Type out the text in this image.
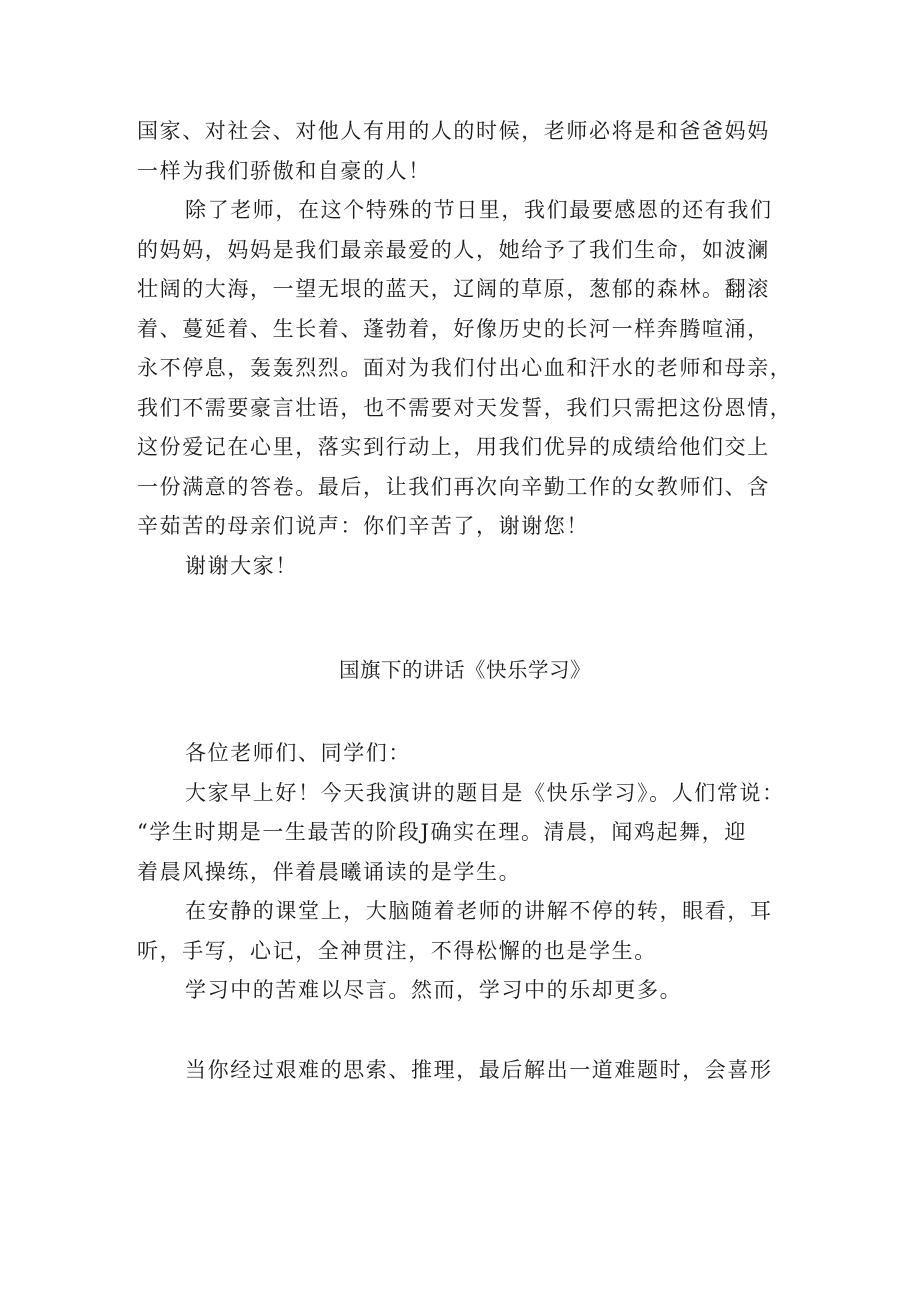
国家、对社会、对他人有用的人的时候，老师必将是和爸爸妈妈
一样为我们骄傲和自豪的人！
除了老师，在这个特殊的节日里，我们最要感恩的还有我们
的妈妈，妈妈是我们最亲最爱的人，她给予了我们生命，如波澜
壮阔的大海，一望无垠的蓝天，辽阔的草原，葱郁的森林。翻滚
着、蔓延着、生长着、蓬勃着，好像历史的长河一样奔腾喧涌，
永不停息，轰轰烈烈。面对为我们付出心血和汗水的老师和母亲，
我们不需要豪言壮语，也不需要对天发誓，我们只需把这份恩情，
这份爱记在心里，落实到行动上，用我们优异的成绩给他们交上
一份满意的答卷。最后，让我们再次向辛勤工作的女教师们、含
辛茹苦的母亲们说声：你们辛苦了，谢谢您！
谢谢大家！
国旗下的讲话《快乐学习》
各位老师们、同学们：
大家早上好！今天我演讲的题目是《快乐学习》。人们常说：
“学生时期是一生最苦的阶段J确实在理。清晨，闻鸡起舞，迎
着晨风操练，伴着晨曦诵读的是学生。
在安静的课堂上，大脑随着老师的讲解不停的转，眼看，耳
听，手写，心记，全神贯注，不得松懈的也是学生。
学习中的苦难以尽言。然而，学习中的乐却更多。
当你经过艰难的思索、推理，最后解出一道难题时，会喜形
